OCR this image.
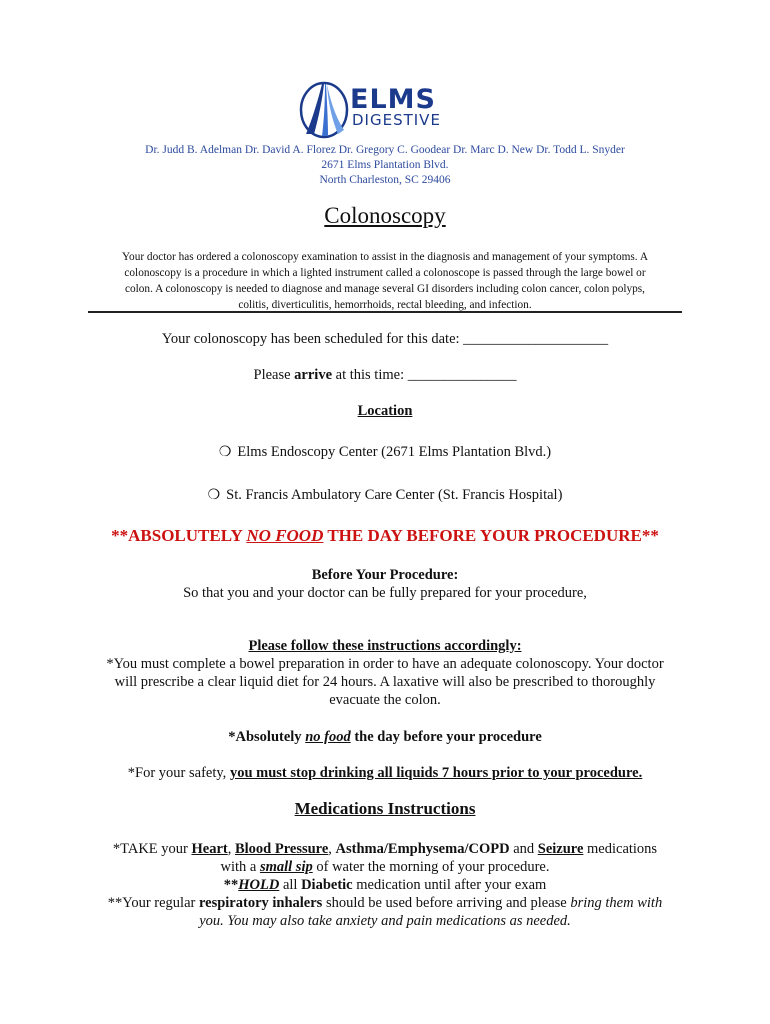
ELMS
DIGESTIVE
Dr. Judd B. Adelman Dr. David A. Florez Dr. Gregory C. Goodear Dr. Marc D. New Dr. Todd L. Snyder
2671 Elms Plantation Blvd.
North Charleston, SC 29406
Colonoscopy
Your doctor has ordered a colonoscopy examination to assist in the diagnosis and management of your symptoms. A
colonoscopy is a procedure in which a lighted instrument called a colonoscope is passed through the large bowel or
colon. A colonoscopy is needed to diagnose and manage several GI disorders including colon cancer, colon polyps,
colitis, diverticulitis, hemorrhoids, rectal bleeding, and infection.
Your colonoscopy has been scheduled for this date: ____________________
Please arrive at this time: _______________
Location
❍ Elms Endoscopy Center (2671 Elms Plantation Blvd.)
❍ St. Francis Ambulatory Care Center (St. Francis Hospital)
**ABSOLUTELY NO FOOD THE DAY BEFORE YOUR PROCEDURE**
Before Your Procedure:
So that you and your doctor can be fully prepared for your procedure,
Please follow these instructions accordingly:
*You must complete a bowel preparation in order to have an adequate colonoscopy. Your doctor
will prescribe a clear liquid diet for 24 hours. A laxative will also be prescribed to thoroughly
evacuate the colon.
*Absolutely no food the day before your procedure
*For your safety, you must stop drinking all liquids 7 hours prior to your procedure.
Medications Instructions
*TAKE your Heart, Blood Pressure, Asthma/Emphysema/COPD and Seizure medications
with a small sip of water the morning of your procedure.
**HOLD all Diabetic medication until after your exam
**Your regular respiratory inhalers should be used before arriving and please bring them with
you. You may also take anxiety and pain medications as needed.
